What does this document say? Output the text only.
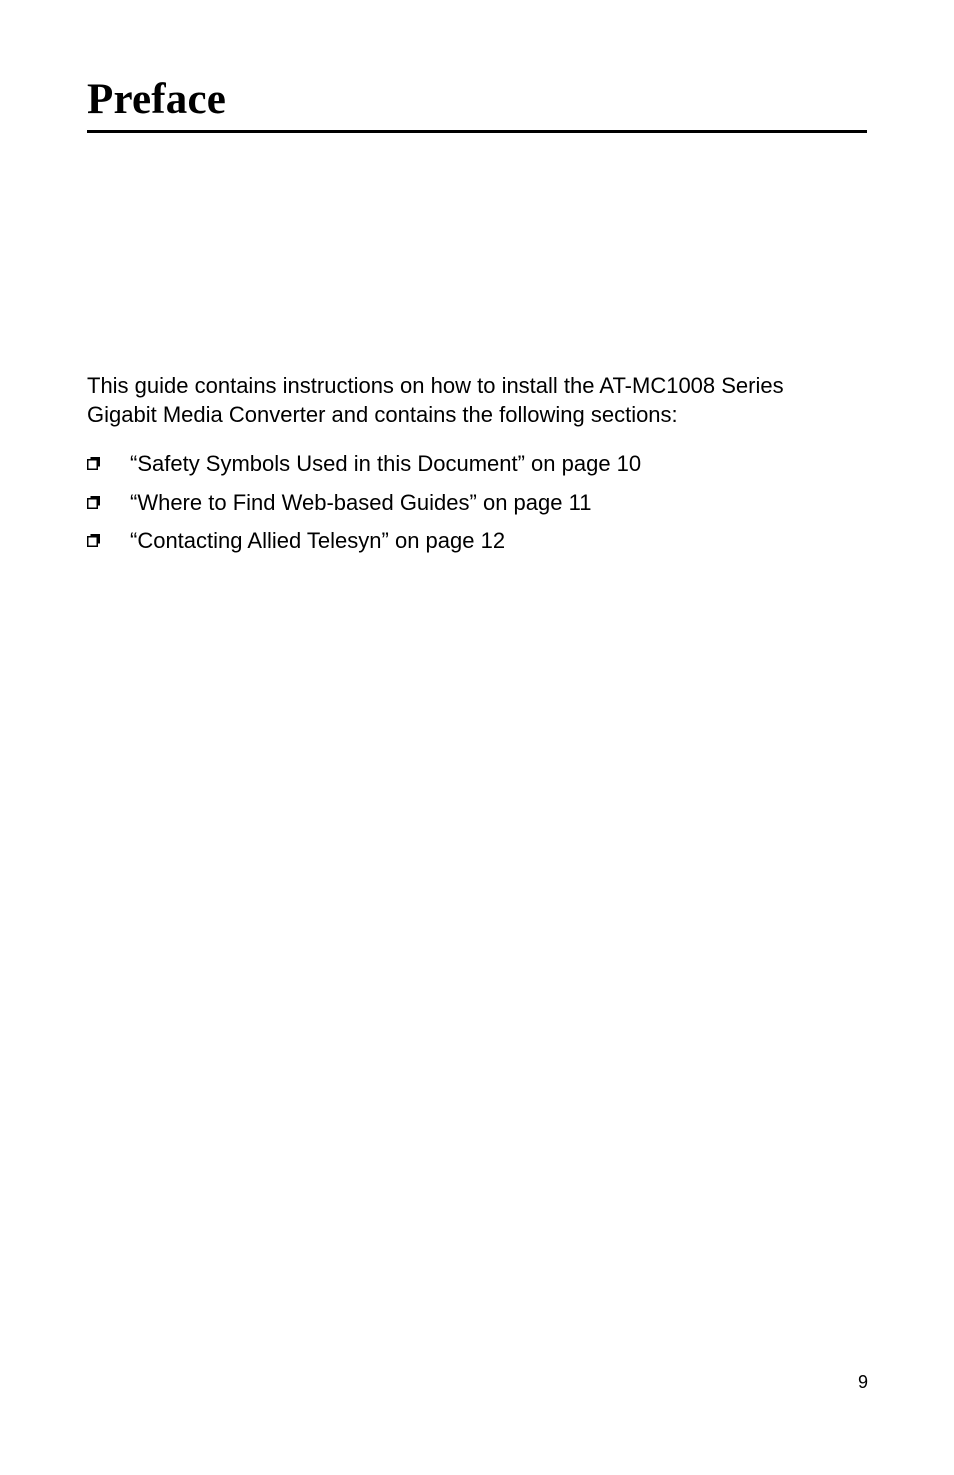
Preface

This guide contains instructions on how to install the AT-MC1008 Series
Gigabit Media Converter and contains the following sections:

“Safety Symbols Used in this Document” on page 10
“Where to Find Web-based Guides” on page 11
“Contacting Allied Telesyn” on page 12
9
